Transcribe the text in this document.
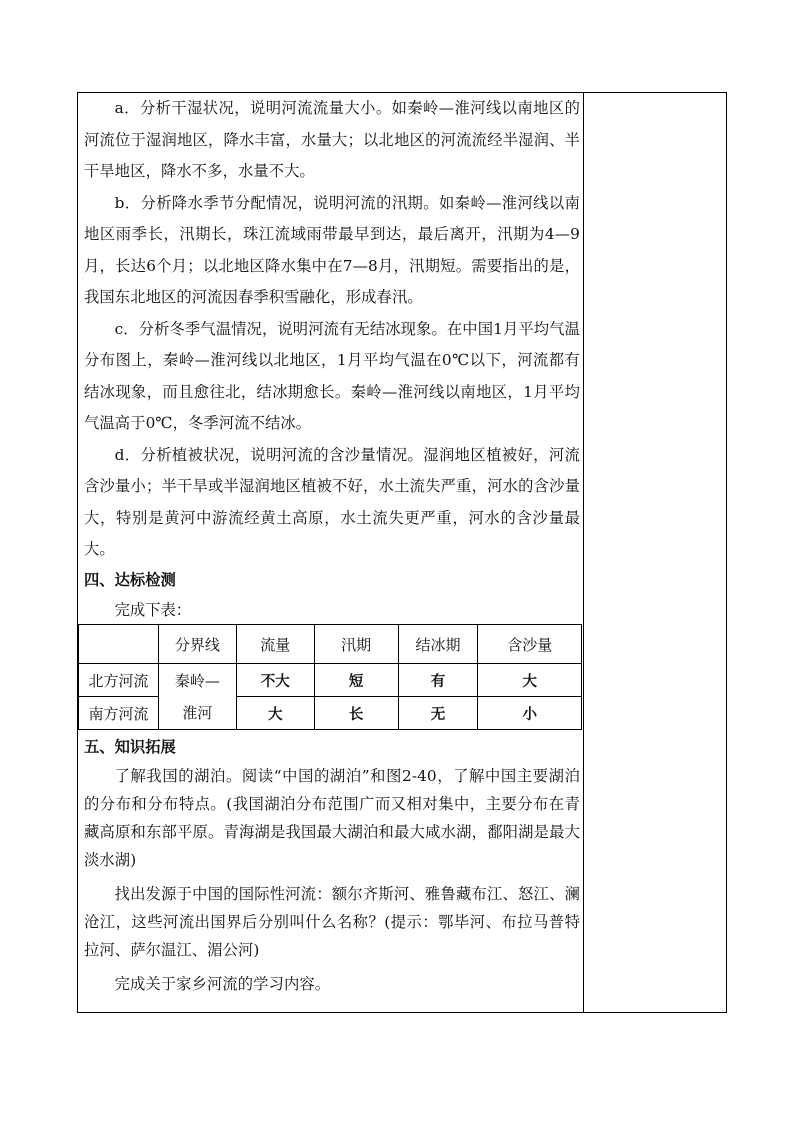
a．分析干湿状况，说明河流流量大小。如秦岭—淮河线以南地区的河流位于湿润地区，降水丰富，水量大；以北地区的河流流经半湿润、半干旱地区，降水不多，水量不大。

b．分析降水季节分配情况，说明河流的汛期。如秦岭—淮河线以南地区雨季长，汛期长，珠江流域雨带最早到达，最后离开，汛期为4—9月，长达6个月；以北地区降水集中在7—8月，汛期短。需要指出的是，我国东北地区的河流因春季积雪融化，形成春汛。

c．分析冬季气温情况，说明河流有无结冰现象。在中国1月平均气温分布图上，秦岭—淮河线以北地区，1月平均气温在0℃以下，河流都有结冰现象，而且愈往北，结冰期愈长。秦岭—淮河线以南地区，1月平均气温高于0℃，冬季河流不结冰。

d．分析植被状况，说明河流的含沙量情况。湿润地区植被好，河流含沙量小；半干旱或半湿润地区植被不好，水土流失严重，河水的含沙量大，特别是黄河中游流经黄土高原，水土流失更严重，河水的含沙量最大。

四、达标检测

完成下表：

	分界线	流量	汛期	结冰期	含沙量
北方河流	秦岭—	不大	短	有	大
南方河流	淮河	大	长	无	小

五、知识拓展

了解我国的湖泊。阅读“中国的湖泊”和图2-40，了解中国主要湖泊的分布和分布特点。(我国湖泊分布范围广而又相对集中，主要分布在青藏高原和东部平原。青海湖是我国最大湖泊和最大咸水湖，鄱阳湖是最大淡水湖)

找出发源于中国的国际性河流：额尔齐斯河、雅鲁藏布江、怒江、澜沧江，这些河流出国界后分别叫什么名称？(提示：鄂毕河、布拉马普特拉河、萨尔温江、湄公河)

完成关于家乡河流的学习内容。
